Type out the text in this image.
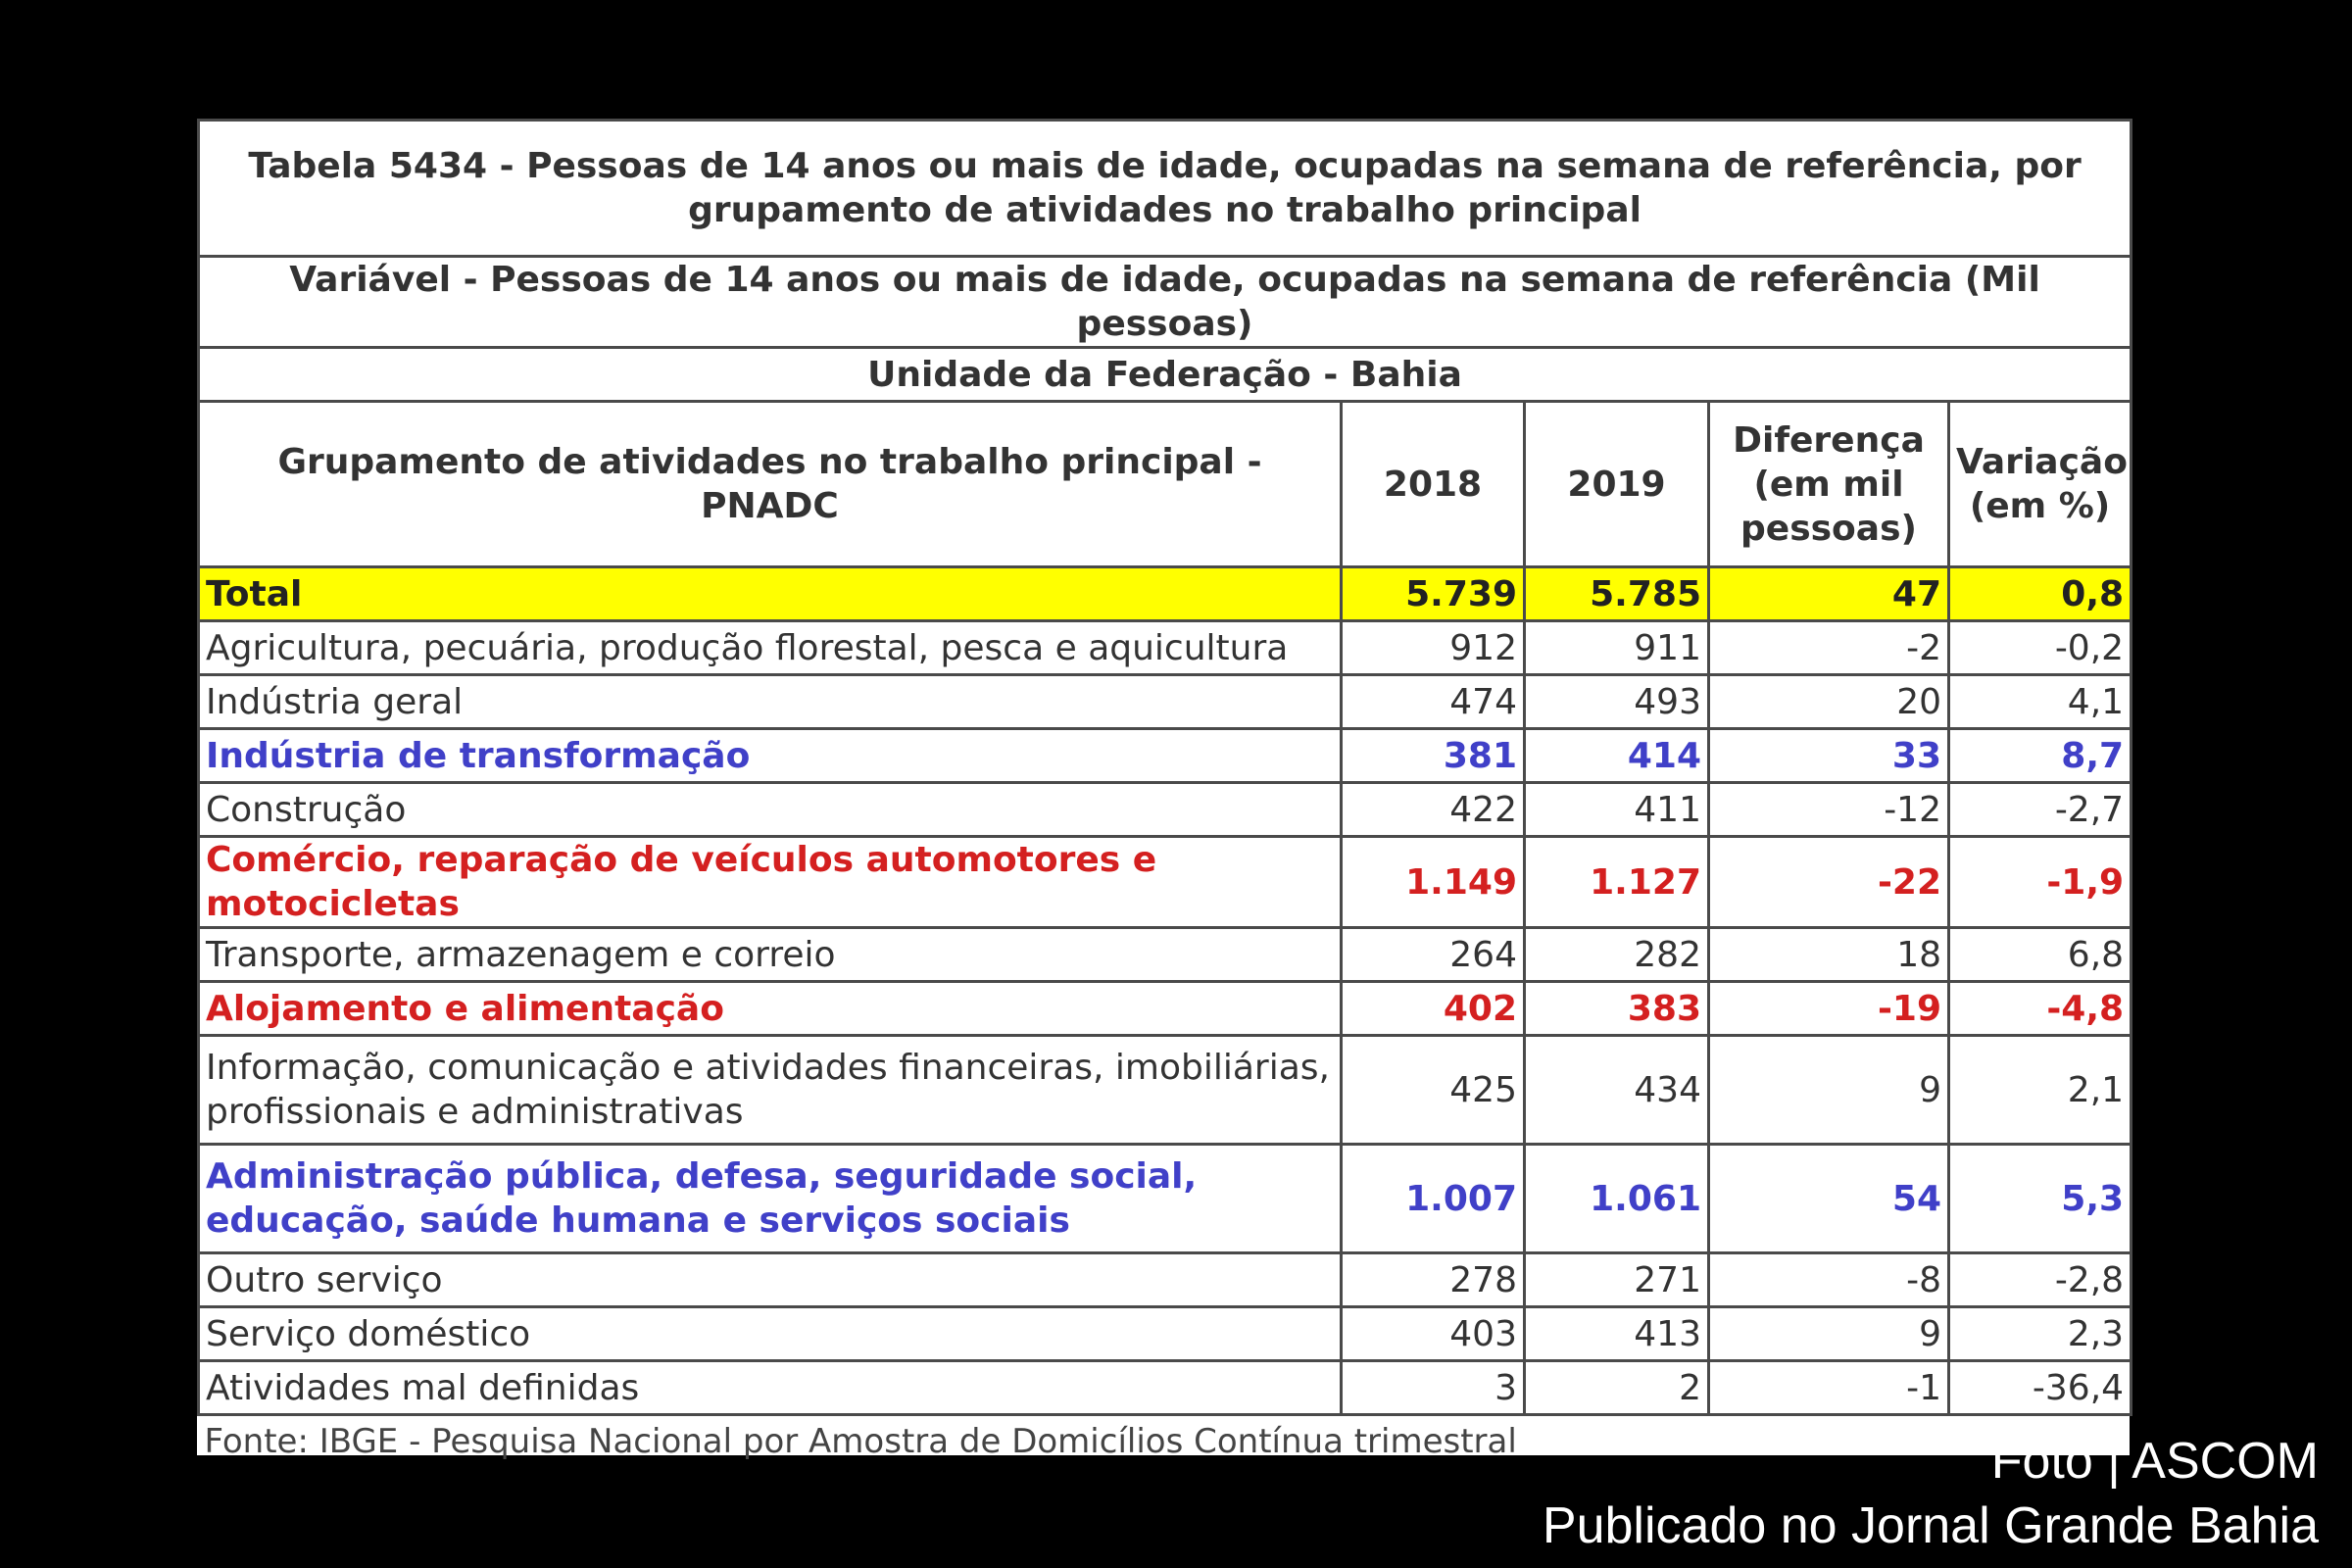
Tabela 5434 - Pessoas de 14 anos ou mais de idade, ocupadas na semana de referência, por grupamento de atividades no trabalho principal				
Variável - Pessoas de 14 anos ou mais de idade, ocupadas na semana de referência (Mil pessoas)				
Unidade da Federação - Bahia				
Grupamento de atividades no trabalho principal - PNADC	2018	2019	Diferença (em mil pessoas)	Variação (em %)
Total	5.739	5.785	47	0,8
Agricultura, pecuária, produção florestal, pesca e aquicultura	912	911	-2	-0,2
Indústria geral	474	493	20	4,1
Indústria de transformação	381	414	33	8,7
Construção	422	411	-12	-2,7
Comércio, reparação de veículos automotores e motocicletas	1.149	1.127	-22	-1,9
Transporte, armazenagem e correio	264	282	18	6,8
Alojamento e alimentação	402	383	-19	-4,8
Informação, comunicação e atividades financeiras, imobiliárias, profissionais e administrativas	425	434	9	2,1
Administração pública, defesa, seguridade social, educação, saúde humana e serviços sociais	1.007	1.061	54	5,3
Outro serviço	278	271	-8	-2,8
Serviço doméstico	403	413	9	2,3
Atividades mal definidas	3	2	-1	-36,4
Fonte: IBGE - Pesquisa Nacional por Amostra de Domicílios Contínua trimestral					Foto | ASCOM
Publicado no Jornal Grande Bahia
